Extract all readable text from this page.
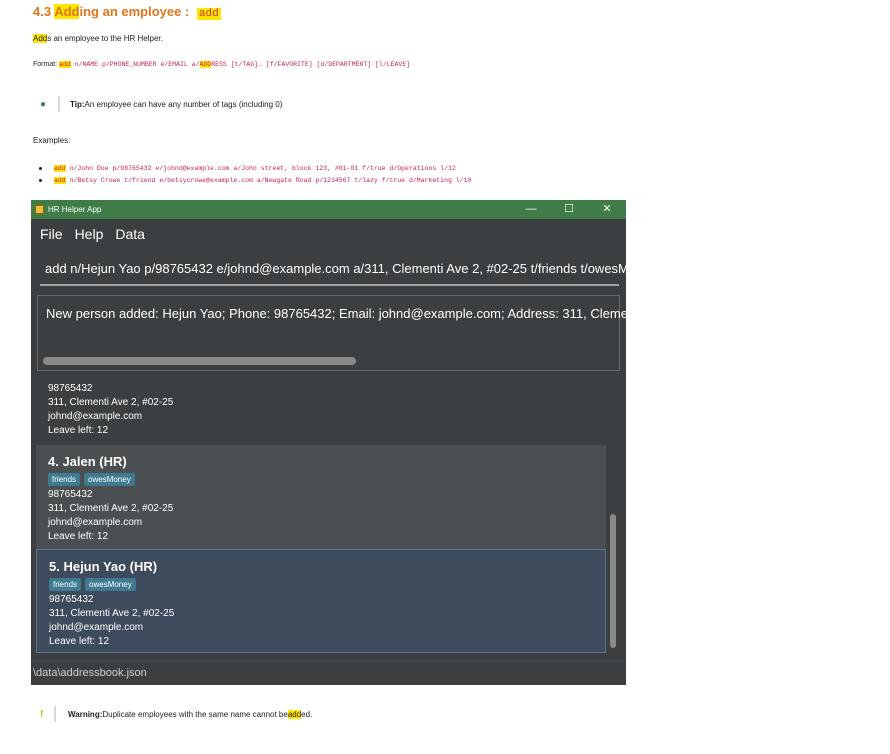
4.3 Adding an employee : add
Adds an employee to the HR Helper.
Format: add n/NAME p/PHONE_NUMBER e/EMAIL a/ADDRESS [t/TAG]… [f/FAVORITE] [d/DEPARTMENT] [l/LEAVE]
●	Tip: An employee can have any number of tags (including 0)
Examples:
add n/John Doe p/98765432 e/johnd@example.com a/John street, block 123, #01-01 f/true d/Operations l/12
add n/Betsy Crowe t/friend e/betsycrowe@example.com a/Newgate Road p/1234567 t/lazy f/true d/Marketing l/10
HR Helper App	—	☐	✕
File Help Data
add n/Hejun Yao p/98765432 e/johnd@example.com a/311, Clementi Ave 2, #02-25 t/friends t/owesMoney
New person added: Hejun Yao; Phone: 98765432; Email: johnd@example.com; Address: 311, Clementi Ave 2, #02-25; Tags: [friends][owesMoney]
98765432
311, Clementi Ave 2, #02-25
johnd@example.com
Leave left: 12
4. Jalen (HR)
friends	owesMoney
98765432
311, Clementi Ave 2, #02-25
johnd@example.com
Leave left: 12
5. Hejun Yao (HR)
friends	owesMoney
98765432
311, Clementi Ave 2, #02-25
johnd@example.com
Leave left: 12
\data\addressbook.json
!	Warning: Duplicate employees with the same name cannot be add ed.
